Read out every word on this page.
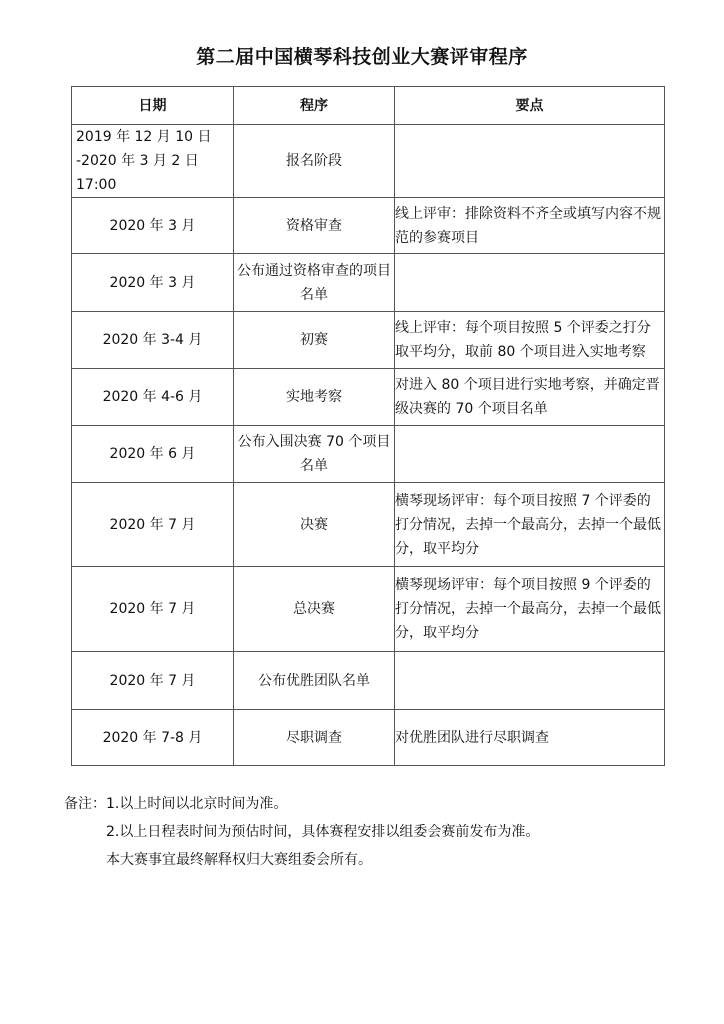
第二届中国横琴科技创业大赛评审程序
日期	程序	要点
2019 年 12 月 10 日 -2020 年 3 月 2 日 17:00	报名阶段	
2020 年 3 月	资格审查	线上评审：排除资料不齐全或填写内容不规范的参赛项目
2020 年 3 月	公布通过资格审查的项目名单	
2020 年 3-4 月	初赛	线上评审：每个项目按照 5 个评委之打分取平均分，取前 80 个项目进入实地考察
2020 年 4-6 月	实地考察	对进入 80 个项目进行实地考察，并确定晋级决赛的 70 个项目名单
2020 年 6 月	公布入围决赛 70 个项目名单	
2020 年 7 月	决赛	横琴现场评审：每个项目按照 7 个评委的打分情况，去掉一个最高分，去掉一个最低分，取平均分
2020 年 7 月	总决赛	横琴现场评审：每个项目按照 9 个评委的打分情况，去掉一个最高分，去掉一个最低分，取平均分
2020 年 7 月	公布优胜团队名单	
2020 年 7-8 月	尽职调查	对优胜团队进行尽职调查
备注：1.以上时间以北京时间为准。
2.以上日程表时间为预估时间，具体赛程安排以组委会赛前发布为准。
本大赛事宜最终解释权归大赛组委会所有。
